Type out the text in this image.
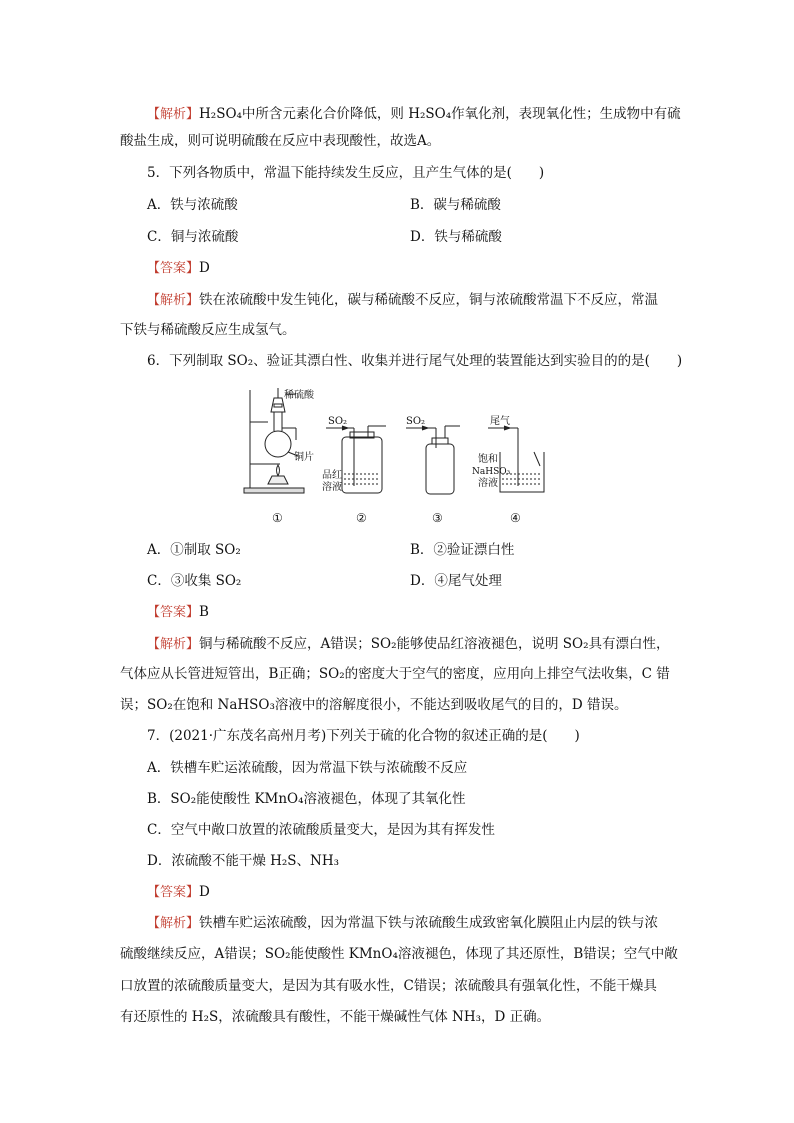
【解析】H₂SO₄中所含元素化合价降低，则 H₂SO₄作氧化剂，表现氧化性；生成物中有硫
酸盐生成，则可说明硫酸在反应中表现酸性，故选A。
5．下列各物质中，常温下能持续发生反应，且产生气体的是(　　)
A．铁与浓硫酸	B．碳与稀硫酸
C．铜与浓硫酸	D．铁与稀硫酸
【答案】D
【解析】铁在浓硫酸中发生钝化，碳与稀硫酸不反应，铜与浓硫酸常温下不反应，常温
下铁与稀硫酸反应生成氢气。
6．下列制取 SO₂、验证其漂白性、收集并进行尾气处理的装置能达到实验目的的是(　　)
稀硫酸
铜片
SO₂
品红
溶液
SO₂	尾气
饱和
NaHSO₃
溶液
①	②	③	④
A．①制取 SO₂	B．②验证漂白性
C．③收集 SO₂	D．④尾气处理
【答案】B
【解析】铜与稀硫酸不反应，A错误；SO₂能够使品红溶液褪色，说明 SO₂具有漂白性，
气体应从长管进短管出，B正确；SO₂的密度大于空气的密度，应用向上排空气法收集，C 错
误；SO₂在饱和 NaHSO₃溶液中的溶解度很小，不能达到吸收尾气的目的，D 错误。
7．(2021·广东茂名高州月考)下列关于硫的化合物的叙述正确的是(　　)
A．铁槽车贮运浓硫酸，因为常温下铁与浓硫酸不反应
B．SO₂能使酸性 KMnO₄溶液褪色，体现了其氧化性
C．空气中敞口放置的浓硫酸质量变大，是因为其有挥发性
D．浓硫酸不能干燥 H₂S、NH₃
【答案】D
【解析】铁槽车贮运浓硫酸，因为常温下铁与浓硫酸生成致密氧化膜阻止内层的铁与浓
硫酸继续反应，A错误；SO₂能使酸性 KMnO₄溶液褪色，体现了其还原性，B错误；空气中敞
口放置的浓硫酸质量变大，是因为其有吸水性，C错误；浓硫酸具有强氧化性，不能干燥具
有还原性的 H₂S，浓硫酸具有酸性，不能干燥碱性气体 NH₃，D 正确。
